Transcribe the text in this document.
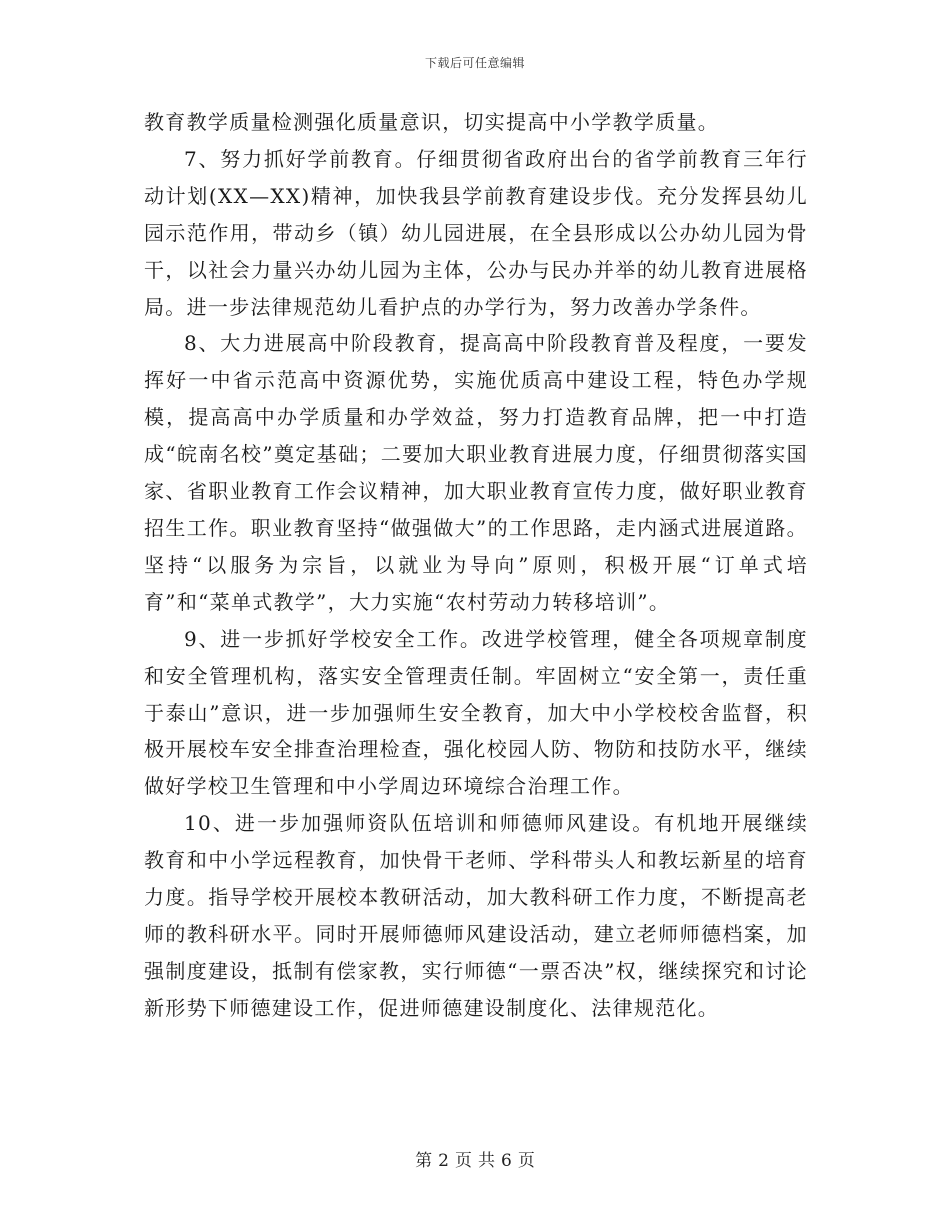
下载后可任意编辑

教育教学质量检测强化质量意识，切实提高中小学教学质量。

7、努力抓好学前教育。仔细贯彻省政府出台的省学前教育三年行动计划(XX—XX)精神，加快我县学前教育建设步伐。充分发挥县幼儿园示范作用，带动乡（镇）幼儿园进展，在全县形成以公办幼儿园为骨干，以社会力量兴办幼儿园为主体，公办与民办并举的幼儿教育进展格局。进一步法律规范幼儿看护点的办学行为，努力改善办学条件。

8、大力进展高中阶段教育，提高高中阶段教育普及程度，一要发挥好一中省示范高中资源优势，实施优质高中建设工程，特色办学规模，提高高中办学质量和办学效益，努力打造教育品牌，把一中打造成“皖南名校”奠定基础；二要加大职业教育进展力度，仔细贯彻落实国家、省职业教育工作会议精神，加大职业教育宣传力度，做好职业教育招生工作。职业教育坚持“做强做大”的工作思路，走内涵式进展道路。坚持“以服务为宗旨，以就业为导向”原则，积极开展“订单式培育”和“菜单式教学”，大力实施“农村劳动力转移培训”。

9、进一步抓好学校安全工作。改进学校管理，健全各项规章制度和安全管理机构，落实安全管理责任制。牢固树立“安全第一，责任重于泰山”意识，进一步加强师生安全教育，加大中小学校校舍监督，积极开展校车安全排查治理检查，强化校园人防、物防和技防水平，继续做好学校卫生管理和中小学周边环境综合治理工作。

10、进一步加强师资队伍培训和师德师风建设。有机地开展继续教育和中小学远程教育，加快骨干老师、学科带头人和教坛新星的培育力度。指导学校开展校本教研活动，加大教科研工作力度，不断提高老师的教科研水平。同时开展师德师风建设活动，建立老师师德档案，加强制度建设，抵制有偿家教，实行师德“一票否决”权，继续探究和讨论新形势下师德建设工作，促进师德建设制度化、法律规范化。

第 2 页 共 6 页
